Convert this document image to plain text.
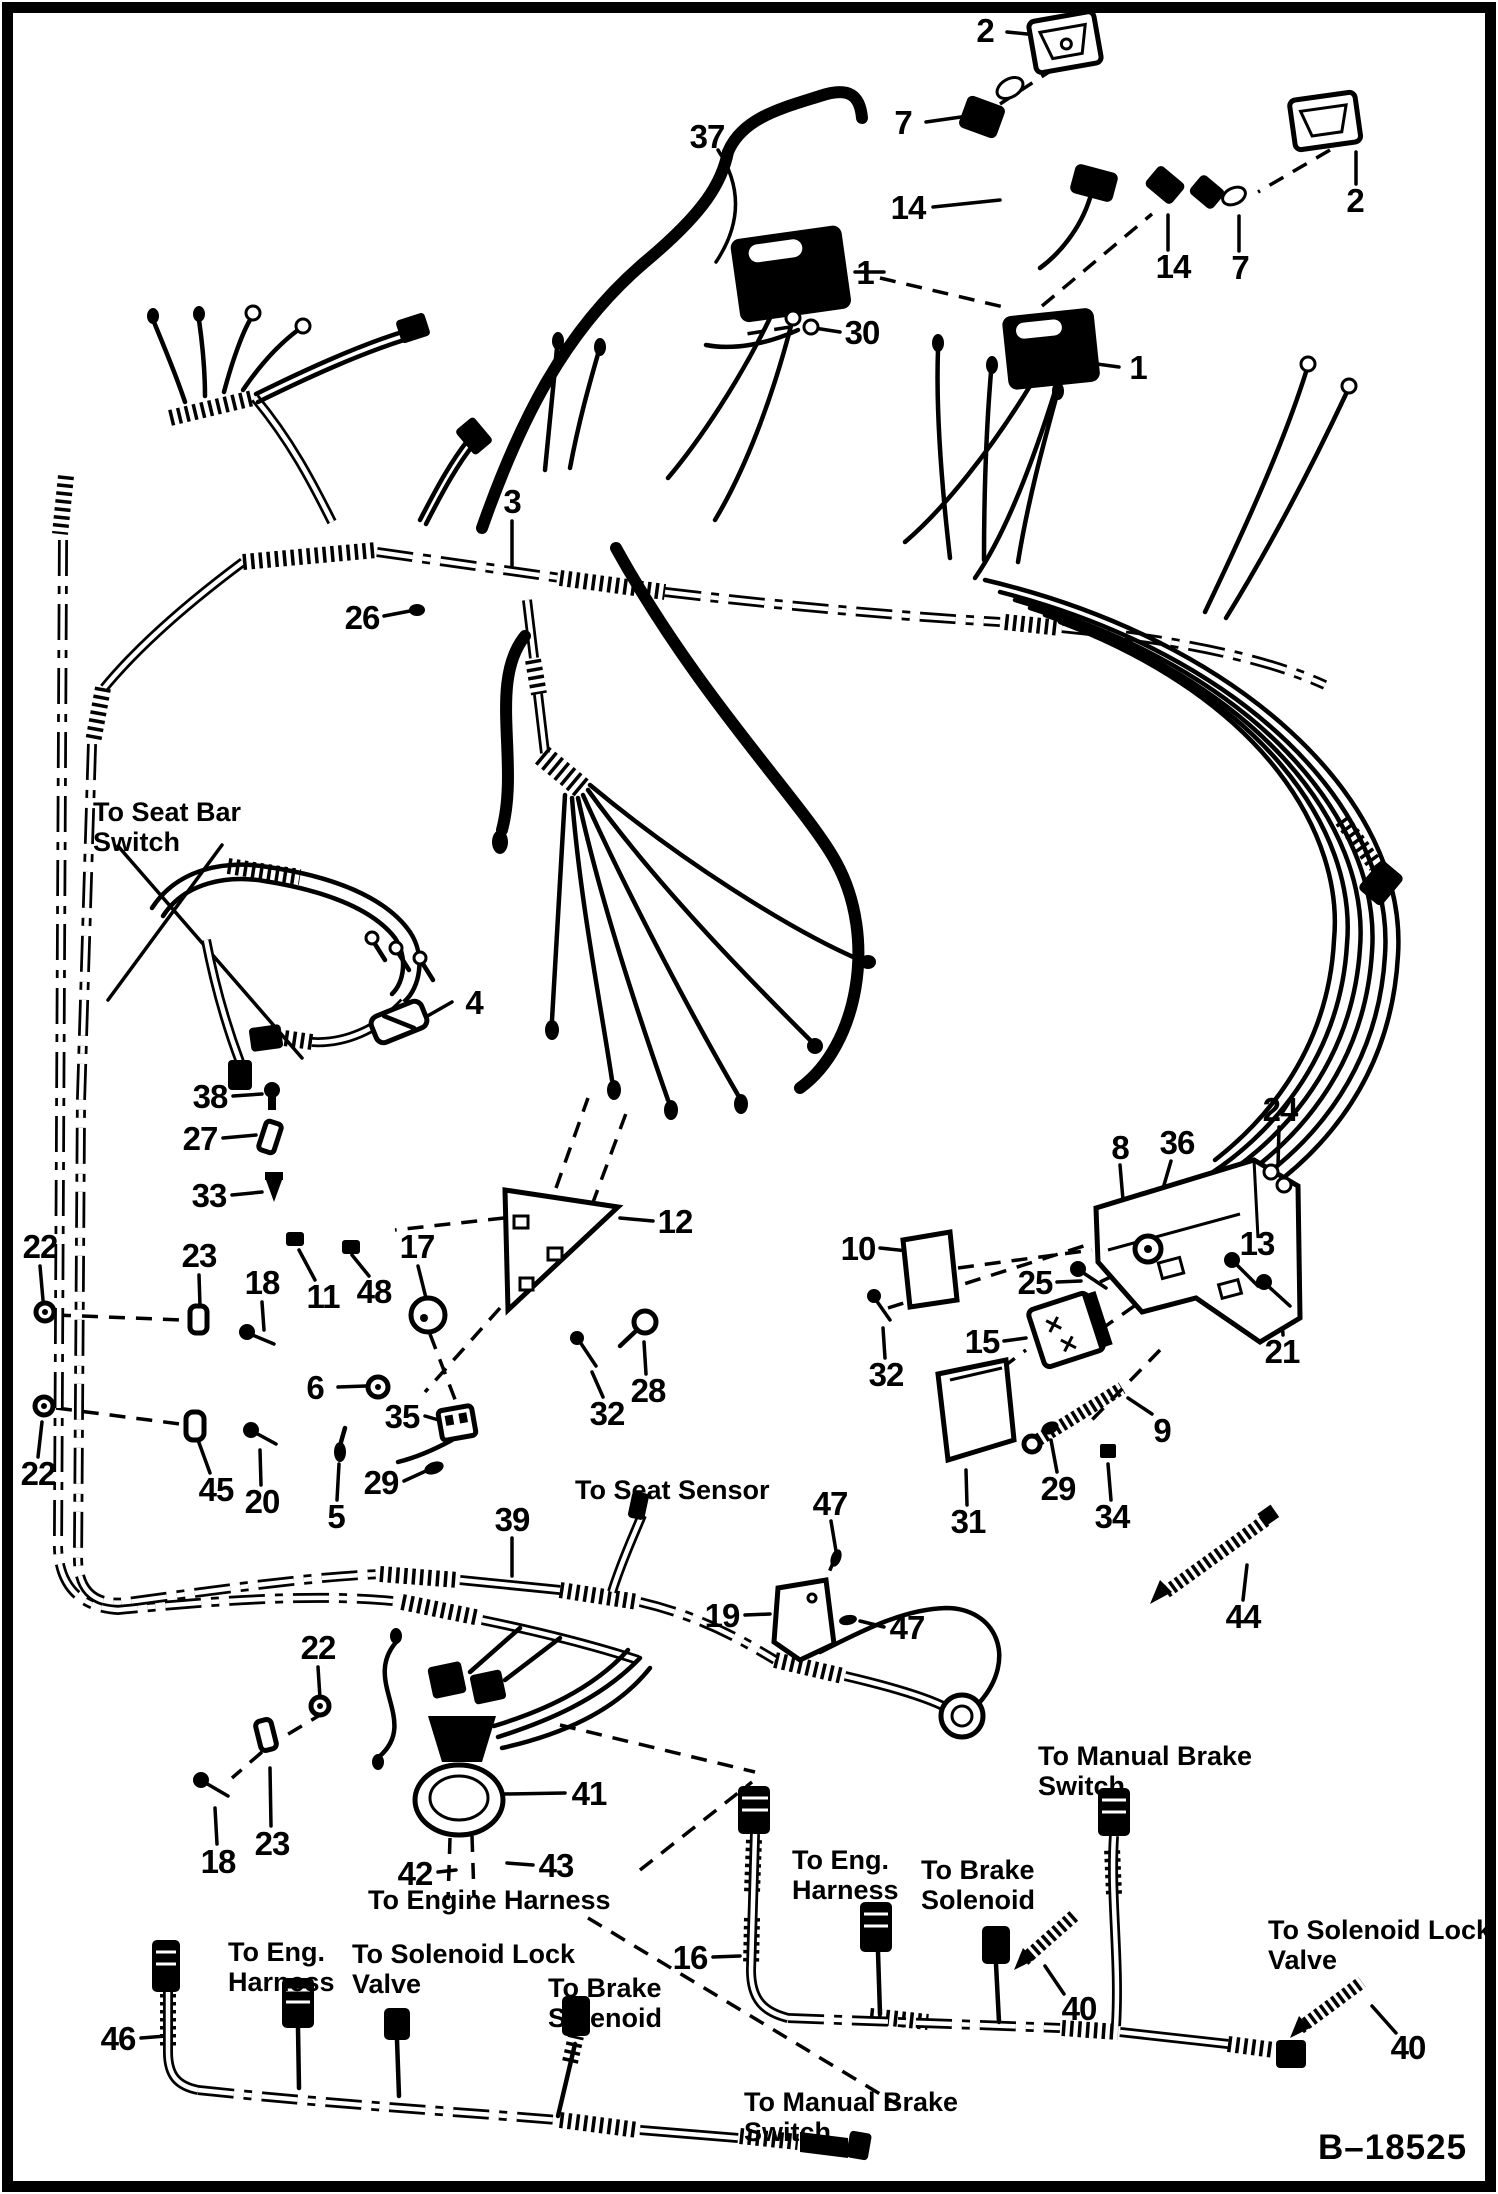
2
7
37
14
1
2
14 7
30
1
3
26
4
38
27
33
12
22	23	17
18 11 48
8 36
24
10	13
25
15	21
32
6
35
28
32
29
5
45 20
22
39	47
19	47
31
29
34
9
44
22
23
18
41
42	43
16
46
40
40
To Seat Bar
Switch
To Seat Sensor
To Engine Harness
To Eng.
Harness
To Solenoid Lock
Valve	To Brake
Solenoid
To Manual Brake
Switch
To Eng.
Harness
To Brake
Solenoid
To Solenoid Lock
Valve
To Manual Brake
Switch	B–18525
